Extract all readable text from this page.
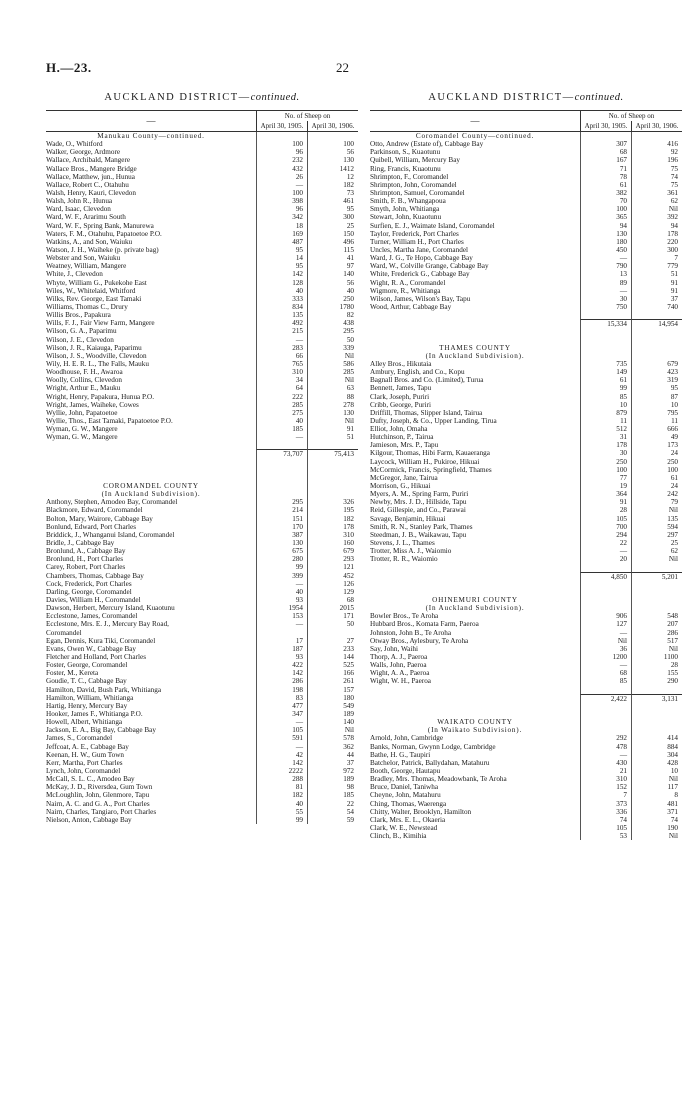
H.—23.	22
AUCKLAND DISTRICT—continued.
—	No. of Sheep on	
	April 30, 1905.	April 30, 1906.
Manukau County—continued.
Wade, O., Whitford	100	100
Walker, George, Ardmore	96	56
Wallace, Archibald, Mangere	232	130
Wallace Bros., Mangere Bridge	432	1412
Wallace, Matthew, jun., Hunua	26	12
Wallace, Robert C., Otahuhu	—	182
Walsh, Henry, Kauri, Clevedon	100	73
Walsh, John R., Hunua	398	461
Ward, Isaac, Clevedon	96	95
Ward, W. F., Ararimu South	342	300
Ward, W. F., Spring Bank, Manurewa	18	25
Waters, F. M., Otahuhu, Papatoetoe P.O.	169	150
Watkins, A., and Son, Waiuku	487	496
Watson, J. H., Waiheke (p. private bag)	95	115
Webster and Son, Waiuku	14	41
Weatney, William, Mangere	95	97
White, J., Clevedon	142	140
Whyte, William G., Pukekohe East	128	56
Wiles, W., Whitelaid, Whitford	40	40
Wilks, Rev. George, East Tamaki	333	250
Williams, Thomas C., Drury	834	1780
Willis Bros., Papakura	135	82
Wills, F. J., Fair View Farm, Mangere	492	438
Wilson, G. A., Paparimu	215	295
Wilson, J. E., Clevedon	—	50
Wilson, J. R., Kaiauga, Paparimu	283	339
Wilson, J. S., Woodville, Clevedon	66	Nil
Wily, H. E. R. L., The Falls, Mauku	765	586
Woodhouse, F. H., Awaroa	310	285
Woolly, Collins, Clevedon	34	Nil
Wright, Arthur E., Mauku	64	63
Wright, Henry, Papakura, Hunua P.O.	222	88
Wright, James, Waiheke, Cowes	285	278
Wyllie, John, Papatoetoe	275	130
Wyllie, Thos., East Tamaki, Papatoetoe P.O.	40	Nil
Wyman, G. W., Mangere	185	91
Wyman, G. W., Mangere	—	51
73,707	75,413
COROMANDEL COUNTY
(In Auckland Subdivision).
Anthony, Stephen, Amodeo Bay, Coromandel	295	326
Blackmore, Edward, Coromandel	214	195
Bolton, Mary, Wairore, Cabbage Bay	151	182
Bonlund, Edward, Port Charles	170	178
Briddick, J., Whanganui Island, Coromandel	387	310
Bridle, J., Cabbage Bay	130	160
Bronlund, A., Cabbage Bay	675	679
Bronlund, H., Port Charles	280	293
Carey, Robert, Port Charles	99	121
Chambers, Thomas, Cabbage Bay	399	452
Cock, Frederick, Port Charles	—	126
Darling, George, Coromandel	40	129
Davies, William H., Coromandel	93	68
Dawson, Herbert, Mercury Island, Kuaotunu	1954	2015
Ecclestone, James, Coromandel	153	171
Ecclestone, Mrs. E. J., Mercury Bay Road,	—	50
Coromandel
Egan, Dennis, Kura Tiki, Coromandel	17	27
Evans, Owen W., Cabbage Bay	187	233
Fletcher and Holland, Port Charles	93	144
Foster, George, Coromandel	422	525
Foster, M., Kereta	142	166
Goudie, T. C., Cabbage Bay	286	261
Hamilton, David, Bush Park, Whitianga	198	157
Hamilton, William, Whitianga	83	180
Hartig, Henry, Mercury Bay	477	549
Hooker, James F., Whitianga P.O.	347	189
Howell, Albert, Whitianga	—	140
Jackson, E. A., Big Bay, Cabbage Bay	105	Nil
James, S., Coromandel	591	578
Jeffcoat, A. E., Cabbage Bay	—	362
Keenan, H. W., Gum Town	42	44
Kerr, Martha, Port Charles	142	37
Lynch, John, Coromandel	2222	972
McCall, S. L. C., Amodeo Bay	288	189
McKay, J. D., Riversdea, Gum Town	81	98
McLoughlin, John, Glenmore, Tapu	182	185
Nairn, A. C. and G. A., Port Charles	40	22
Nairn, Charles, Tangiaro, Port Charles	55	54
Nielson, Anton, Cabbage Bay	99	59
AUCKLAND DISTRICT—continued.
—	No. of Sheep on	
	April 30, 1905.	April 30, 1906.
Coromandel County—continued.
Otto, Andrew (Estate of), Cabbage Bay	307	416
Parkinson, S., Kuaotunu	68	92
Quibell, William, Mercury Bay	167	196
Ring, Francis, Kuaotunu	71	75
Shrimpton, F., Coromandel	78	74
Shrimpton, John, Coromandel	61	75
Shrimpton, Samuel, Coromandel	382	361
Smith, F. B., Whangapoua	70	62
Smyth, John, Whitianga	100	Nil
Stewart, John, Kuaotunu	365	392
Surfien, E. J., Waimate Island, Coromandel	94	94
Taylor, Frederick, Port Charles	130	178
Turner, William H., Port Charles	180	220
Uncles, Martha Jane, Coromandel	450	300
Ward, J. G., Te Hopo, Cabbage Bay	—	7
Ward, W., Colville Grange, Cabbage Bay	790	779
White, Frederick G., Cabbage Bay	13	51
Wight, R. A., Coromandel	89	91
Wigmore, R., Whitianga	—	91
Wilson, James, Wilson's Bay, Tapu	30	37
Wood, Arthur, Cabbage Bay	750	740
15,334	14,954
THAMES COUNTY
(In Auckland Subdivision).
Alley Bros., Hikutaia	735	679
Ambury, English, and Co., Kopu	149	423
Bagnall Bros. and Co. (Limited), Turua	61	319
Bennett, James, Tapu	99	95
Clark, Joseph, Puriri	85	87
Cribb, George, Puriri	10	10
Driffill, Thomas, Slipper Island, Tairua	879	795
Dufty, Joseph, & Co., Upper Landing, Tirua	11	11
Elliot, John, Omaha	512	666
Hutchinson, P., Tairua	31	49
Jamieson, Mrs. P., Tapu	178	173
Kilgour, Thomas, Hibi Farm, Kauaeranga	30	24
Laycock, William H., Pukiroe, Hikuai	250	250
McCormick, Francis, Springfield, Thames	100	100
McGregor, Jane, Tairua	77	61
Morrison, G., Hikuai	19	24
Myers, A. M., Spring Farm, Puriri	364	242
Newby, Mrs. J. D., Hillside, Tapu	91	79
Reid, Gillespie, and Co., Parawai	28	Nil
Savage, Benjamin, Hikuai	105	135
Smith, R. N., Stanley Park, Thames	700	594
Steedman, J. B., Waikawau, Tapu	294	297
Stevens, J. L., Thames	22	25
Trotter, Miss A. J., Waiomio	—	62
Trotter, R. R., Waiomio	20	Nil
4,850	5,201
OHINEMURI COUNTY
(In Auckland Subdivision).
Bowler Bros., Te Aroha	906	548
Hubbard Bros., Komata Farm, Paeroa	127	207
Johnston, John B., Te Aroha	—	286
Otway Bros., Aylesbury, Te Aroha	Nil	517
Say, John, Waihi	36	Nil
Thorp, A. J., Paeroa	1200	1100
Walls, John, Paeroa	—	28
Wight, A. A., Paeroa	68	155
Wight, W. H., Paeroa	85	290
2,422	3,131
WAIKATO COUNTY
(In Waikato Subdivision).
Arnold, John, Cambridge	292	414
Banks, Norman, Gwynn Lodge, Cambridge	478	884
Bathe, H. G., Taupiri	—	304
Batchelor, Patrick, Ballydahan, Matahuru	430	428
Booth, George, Hautapu	21	10
Bradley, Mrs. Thomas, Meadowbank, Te Aroha	310	Nil
Bruce, Daniel, Taniwha	152	117
Cheyne, John, Matahuru	7	8
Ching, Thomas, Waerenga	373	481
Chitty, Walter, Brooklyn, Hamilton	336	371
Clark, Mrs. E. L., Okaeria	74	74
Clark, W. E., Newstead	105	190
Clinch, B., Kimihia	53	Nil
